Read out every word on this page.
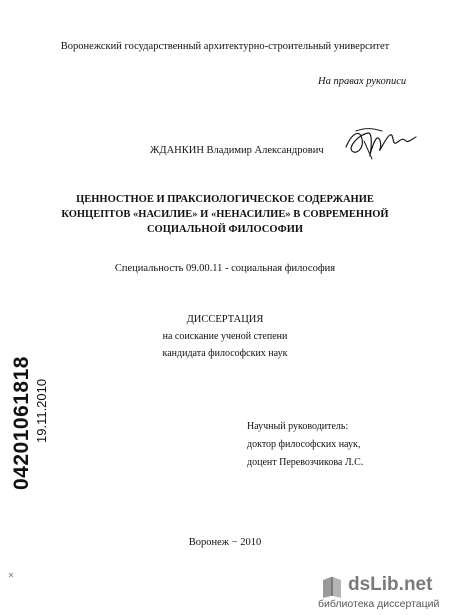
Воронежский государственный архитектурно-строительный университет
На правах рукописи
ЖДАНКИН Владимир Александрович
ЦЕННОСТНОЕ И ПРАКСИОЛОГИЧЕСКОЕ СОДЕРЖАНИЕ
КОНЦЕПТОВ «НАСИЛИЕ» И «НЕНАСИЛИЕ» В СОВРЕМЕННОЙ
СОЦИАЛЬНОЙ ФИЛОСОФИИ
Специальность 09.00.11 - социальная философия
ДИССЕРТАЦИЯ
на соискание ученой степени
кандидата философских наук
Научный руководитель:
доктор философских наук,
доцент Перевозчикова Л.С.
Воронеж − 2010
04201061818 19.11.2010
dsLib.net
библиотека диссертаций
